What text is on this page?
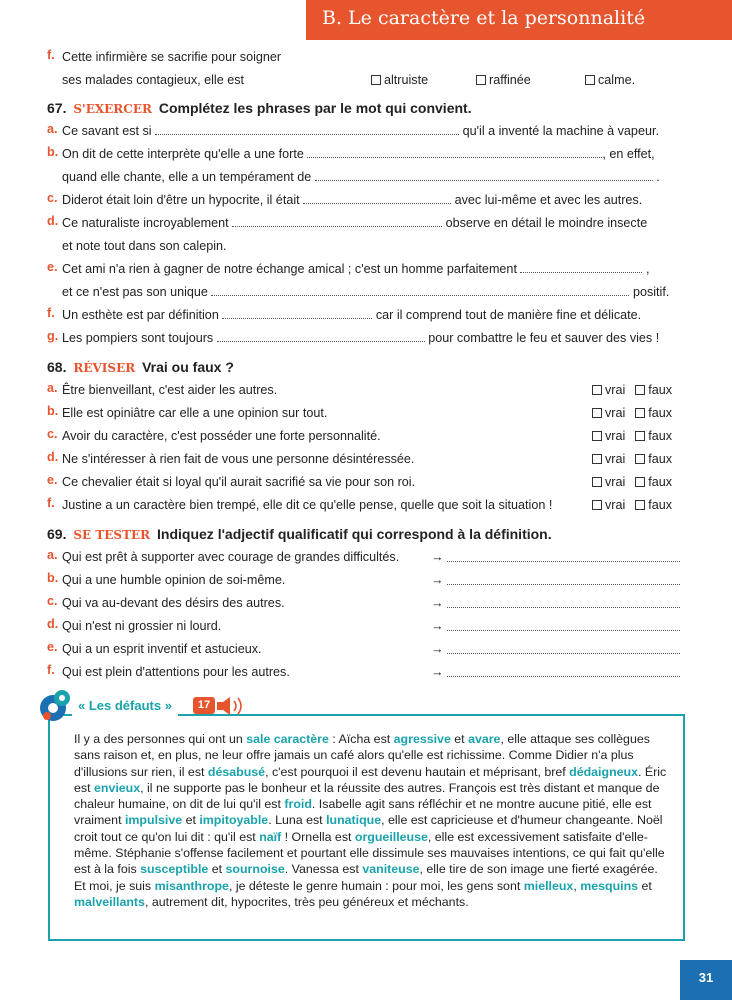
B. Le caractère et la personnalité
f. Cette infirmière se sacrifie pour soigner
ses malades contagieux, elle est	altruiste	raffinée	calme.
67. S'EXERCER Complétez les phrases par le mot qui convient.
a. Ce savant est si	qu'il a inventé la machine à vapeur.
b. On dit de cette interprète qu'elle a une forte	, en effet,
quand elle chante, elle a un tempérament de	.
c. Diderot était loin d'être un hypocrite, il était	avec lui-même et avec les autres.
d. Ce naturaliste incroyablement	observe en détail le moindre insecte
et note tout dans son calepin.
e. Cet ami n'a rien à gagner de notre échange amical ; c'est un homme parfaitement	,
et ce n'est pas son unique	positif.
f. Un esthète est par définition	car il comprend tout de manière fine et délicate.
g. Les pompiers sont toujours	pour combattre le feu et sauver des vies !
68. RÉVISER Vrai ou faux ?
a. Être bienveillant, c'est aider les autres.	vrai faux
b. Elle est opiniâtre car elle a une opinion sur tout.	vrai faux
c. Avoir du caractère, c'est posséder une forte personnalité.	vrai faux
d. Ne s'intéresser à rien fait de vous une personne désintéressée.	vrai faux
e. Ce chevalier était si loyal qu'il aurait sacrifié sa vie pour son roi.	vrai faux
f. Justine a un caractère bien trempé, elle dit ce qu'elle pense, quelle que soit la situation !	vrai faux
69. SE TESTER Indiquez l'adjectif qualificatif qui correspond à la définition.
a. Qui est prêt à supporter avec courage de grandes difficultés.	→
b. Qui a une humble opinion de soi-même.	→
c. Qui va au-devant des désirs des autres.	→
d. Qui n'est ni grossier ni lourd.	→
e. Qui a un esprit inventif et astucieux.	→
f. Qui est plein d'attentions pour les autres.	→
« Les défauts »	17
Il y a des personnes qui ont un sale caractère : Aïcha est agressive et avare, elle attaque ses collègues sans raison et, en plus, ne leur offre jamais un café alors qu'elle est richissime. Comme Didier n'a plus d'illusions sur rien, il est désabusé, c'est pourquoi il est devenu hautain et méprisant, bref dédaigneux. Éric est envieux, il ne supporte pas le bonheur et la réussite des autres. François est très distant et manque de chaleur humaine, on dit de lui qu'il est froid. Isabelle agit sans réfléchir et ne montre aucune pitié, elle est vraiment impulsive et impitoyable. Luna est lunatique, elle est capricieuse et d'humeur changeante. Noël croit tout ce qu'on lui dit : qu'il est naïf ! Ornella est orgueilleuse, elle est excessivement satisfaite d'elle-même. Stéphanie s'offense facilement et pourtant elle dissimule ses mauvaises intentions, ce qui fait qu'elle est à la fois susceptible et sournoise. Vanessa est vaniteuse, elle tire de son image une fierté exagérée. Et moi, je suis misanthrope, je déteste le genre humain : pour moi, les gens sont mielleux, mesquins et malveillants, autrement dit, hypocrites, très peu généreux et méchants.
31
